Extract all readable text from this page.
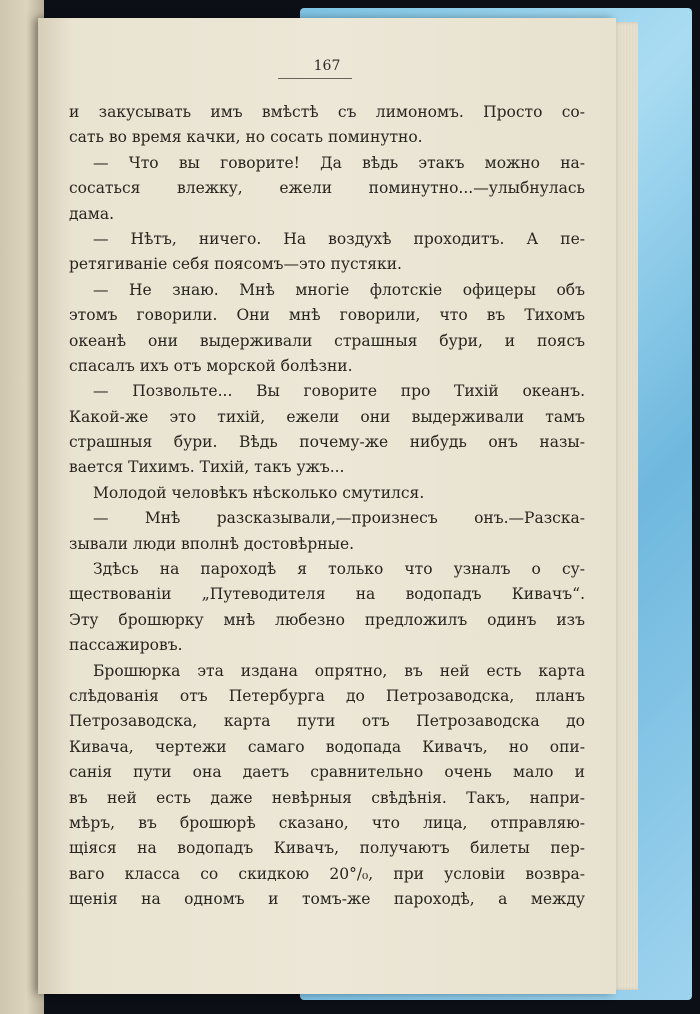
167
и закусывать имъ вмѣстѣ съ лимономъ. Просто со-
сать во время качки, но сосать поминутно.
— Что вы говорите! Да вѣдь этакъ можно на-
cосаться влежку, ежели поминутно...—улыбнулась
дама.
— Нѣтъ, ничего. На воздухѣ проходитъ. А пе-
ретягиванiе себя поясомъ—это пустяки.
— Не знаю. Мнѣ многiе флотскiе офицеры объ
этомъ говорили. Они мнѣ говорили, что въ Тихомъ
океанѣ они выдерживали страшныя бури, и поясъ
спасалъ ихъ отъ морской болѣзни.
— Позвольте... Вы говорите про Тихiй океанъ.
Какой-же это тихiй, ежели они выдерживали тамъ
страшныя бури. Вѣдь почему-же нибудь онъ назы-
вается Тихимъ. Тихiй, такъ ужъ...
Молодой человѣкъ нѣсколько смутился.
— Мнѣ разсказывали,—произнесъ онъ.—Разска-
зывали люди вполнѣ достовѣрные.
Здѣсь на пароходѣ я только что узналъ о су-
ществованiи „Путеводителя на водопадъ Кивачъ“.
Эту брошюрку мнѣ любезно предложилъ одинъ изъ
пассажировъ.
Брошюрка эта издана опрятно, въ ней есть карта
слѣдованiя отъ Петербурга до Петрозаводска, планъ
Петрозаводска, карта пути отъ Петрозаводска до
Кивача, чертежи самаго водопада Кивачъ, но опи-
санiя пути она даетъ сравнительно очень мало и
въ ней есть даже невѣрныя свѣдѣнiя. Такъ, напри-
мѣръ, въ брошюрѣ сказано, что лица, отправляю-
щiяся на водопадъ Кивачъ, получаютъ билеты пер-
ваго класса со скидкою 20°/₀, при условiи возвра-
щенiя на одномъ и томъ-же пароходѣ, а между
